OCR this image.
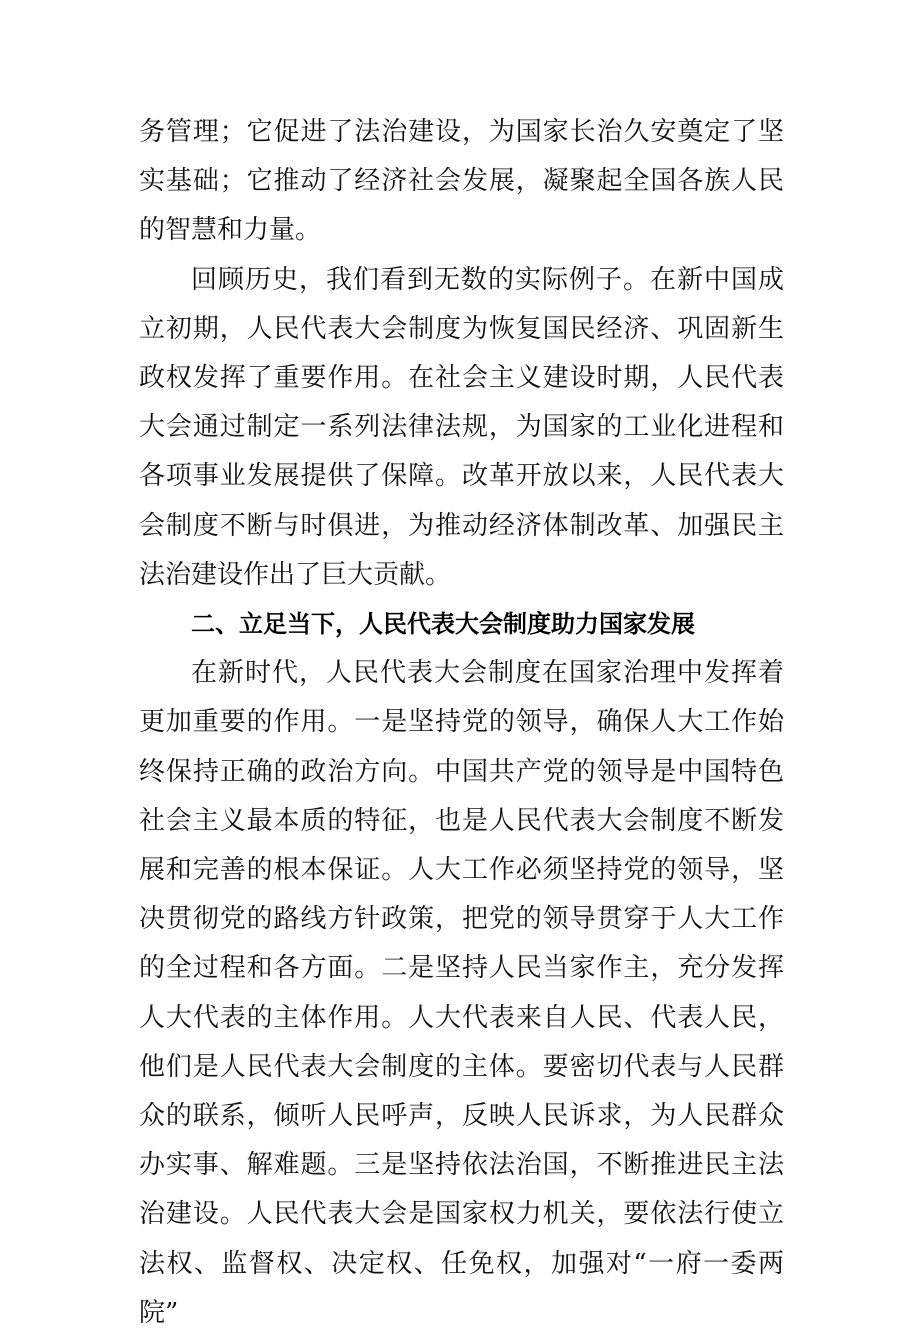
务管理；它促进了法治建设，为国家长治久安奠定了坚实基础；它推动了经济社会发展，凝聚起全国各族人民的智慧和力量。

回顾历史，我们看到无数的实际例子。在新中国成立初期，人民代表大会制度为恢复国民经济、巩固新生政权发挥了重要作用。在社会主义建设时期，人民代表大会通过制定一系列法律法规，为国家的工业化进程和各项事业发展提供了保障。改革开放以来，人民代表大会制度不断与时俱进，为推动经济体制改革、加强民主法治建设作出了巨大贡献。

二、立足当下，人民代表大会制度助力国家发展

在新时代，人民代表大会制度在国家治理中发挥着更加重要的作用。一是坚持党的领导，确保人大工作始终保持正确的政治方向。中国共产党的领导是中国特色社会主义最本质的特征，也是人民代表大会制度不断发展和完善的根本保证。人大工作必须坚持党的领导，坚决贯彻党的路线方针政策，把党的领导贯穿于人大工作的全过程和各方面。二是坚持人民当家作主，充分发挥人大代表的主体作用。人大代表来自人民、代表人民，他们是人民代表大会制度的主体。要密切代表与人民群众的联系，倾听人民呼声，反映人民诉求，为人民群众办实事、解难题。三是坚持依法治国，不断推进民主法治建设。人民代表大会是国家权力机关，要依法行使立法权、监督权、决定权、任免权，加强对“一府一委两院”
